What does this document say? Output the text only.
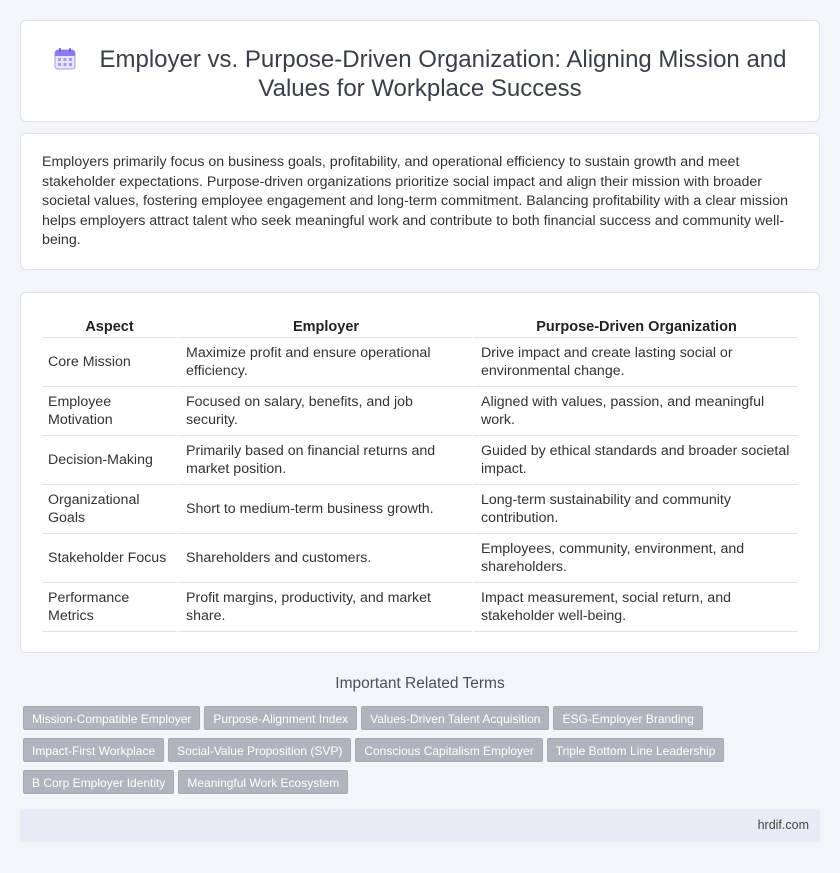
Employer vs. Purpose-Driven Organization: Aligning Mission and
Values for Workplace Success

Employers primarily focus on business goals, profitability, and operational efficiency to sustain growth and meet stakeholder expectations. Purpose-driven organizations prioritize social impact and align their mission with broader societal values, fostering employee engagement and long-term commitment. Balancing profitability with a clear mission helps employers attract talent who seek meaningful work and contribute to both financial success and community well-being.

Aspect	Employer	Purpose-Driven Organization
Core Mission	Maximize profit and ensure operational efficiency.	Drive impact and create lasting social or environmental change.
Employee Motivation	Focused on salary, benefits, and job security.	Aligned with values, passion, and meaningful work.
Decision-Making	Primarily based on financial returns and market position.	Guided by ethical standards and broader societal impact.
Organizational Goals	Short to medium-term business growth.	Long-term sustainability and community contribution.
Stakeholder Focus	Shareholders and customers.	Employees, community, environment, and shareholders.
Performance Metrics	Profit margins, productivity, and market share.	Impact measurement, social return, and stakeholder well-being.
Important Related Terms
Mission-Compatible Employer Purpose-Alignment Index Values-Driven Talent Acquisition ESG-Employer Branding
Impact-First Workplace Social-Value Proposition (SVP) Conscious Capitalism Employer Triple Bottom Line Leadership
B Corp Employer Identity Meaningful Work Ecosystem
hrdif.com
